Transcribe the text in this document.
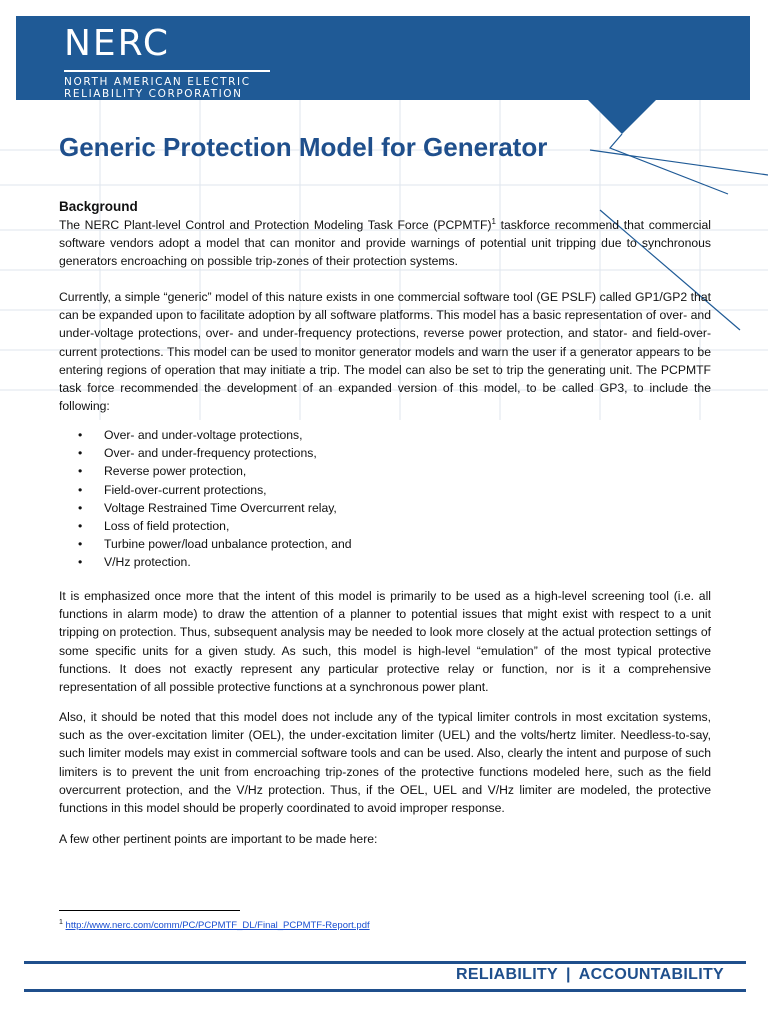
NERC
NORTH AMERICAN ELECTRIC
RELIABILITY CORPORATION
Generic Protection Model for Generator
Background

The NERC Plant-level Control and Protection Modeling Task Force (PCPMTF)$^1$ taskforce recommend that commercial software vendors adopt a model that can monitor and provide warnings of potential unit tripping due to synchronous generators encroaching on possible trip-zones of their protection systems.

Currently, a simple “generic” model of this nature exists in one commercial software tool (GE PSLF) called GP1/GP2 that can be expanded upon to facilitate adoption by all software platforms. This model has a basic representation of over- and under-voltage protections, over- and under-frequency protections, reverse power protection, and stator- and field-over-current protections. This model can be used to monitor generator models and warn the user if a generator appears to be entering regions of operation that may initiate a trip. The model can also be set to trip the generating unit. The PCPMTF task force recommended the development of an expanded version of this model, to be called GP3, to include the following:

• Over- and under-voltage protections,
• Over- and under-frequency protections,
• Reverse power protection,
• Field-over-current protections,
• Voltage Restrained Time Overcurrent relay,
• Loss of field protection,
• Turbine power/load unbalance protection, and
• V/Hz protection.

It is emphasized once more that the intent of this model is primarily to be used as a high-level screening tool (i.e. all functions in alarm mode) to draw the attention of a planner to potential issues that might exist with respect to a unit tripping on protection. Thus, subsequent analysis may be needed to look more closely at the actual protection settings of some specific units for a given study. As such, this model is high-level “emulation” of the most typical protective functions. It does not exactly represent any particular protective relay or function, nor is it a comprehensive representation of all possible protective functions at a synchronous power plant.

Also, it should be noted that this model does not include any of the typical limiter controls in most excitation systems, such as the over-excitation limiter (OEL), the under-excitation limiter (UEL) and the volts/hertz limiter. Needless-to-say, such limiter models may exist in commercial software tools and can be used. Also, clearly the intent and purpose of such limiters is to prevent the unit from encroaching trip-zones of the protective functions modeled here, such as the field overcurrent protection, and the V/Hz protection. Thus, if the OEL, UEL and V/Hz limiter are modeled, the protective functions in this model should be properly coordinated to avoid improper response.

A few other pertinent points are important to be made here:

$^1$ http://www.nerc.com/comm/PC/PCPMTF_DL/Final_PCPMTF-Report.pdf
RELIABILITY | ACCOUNTABILITY
